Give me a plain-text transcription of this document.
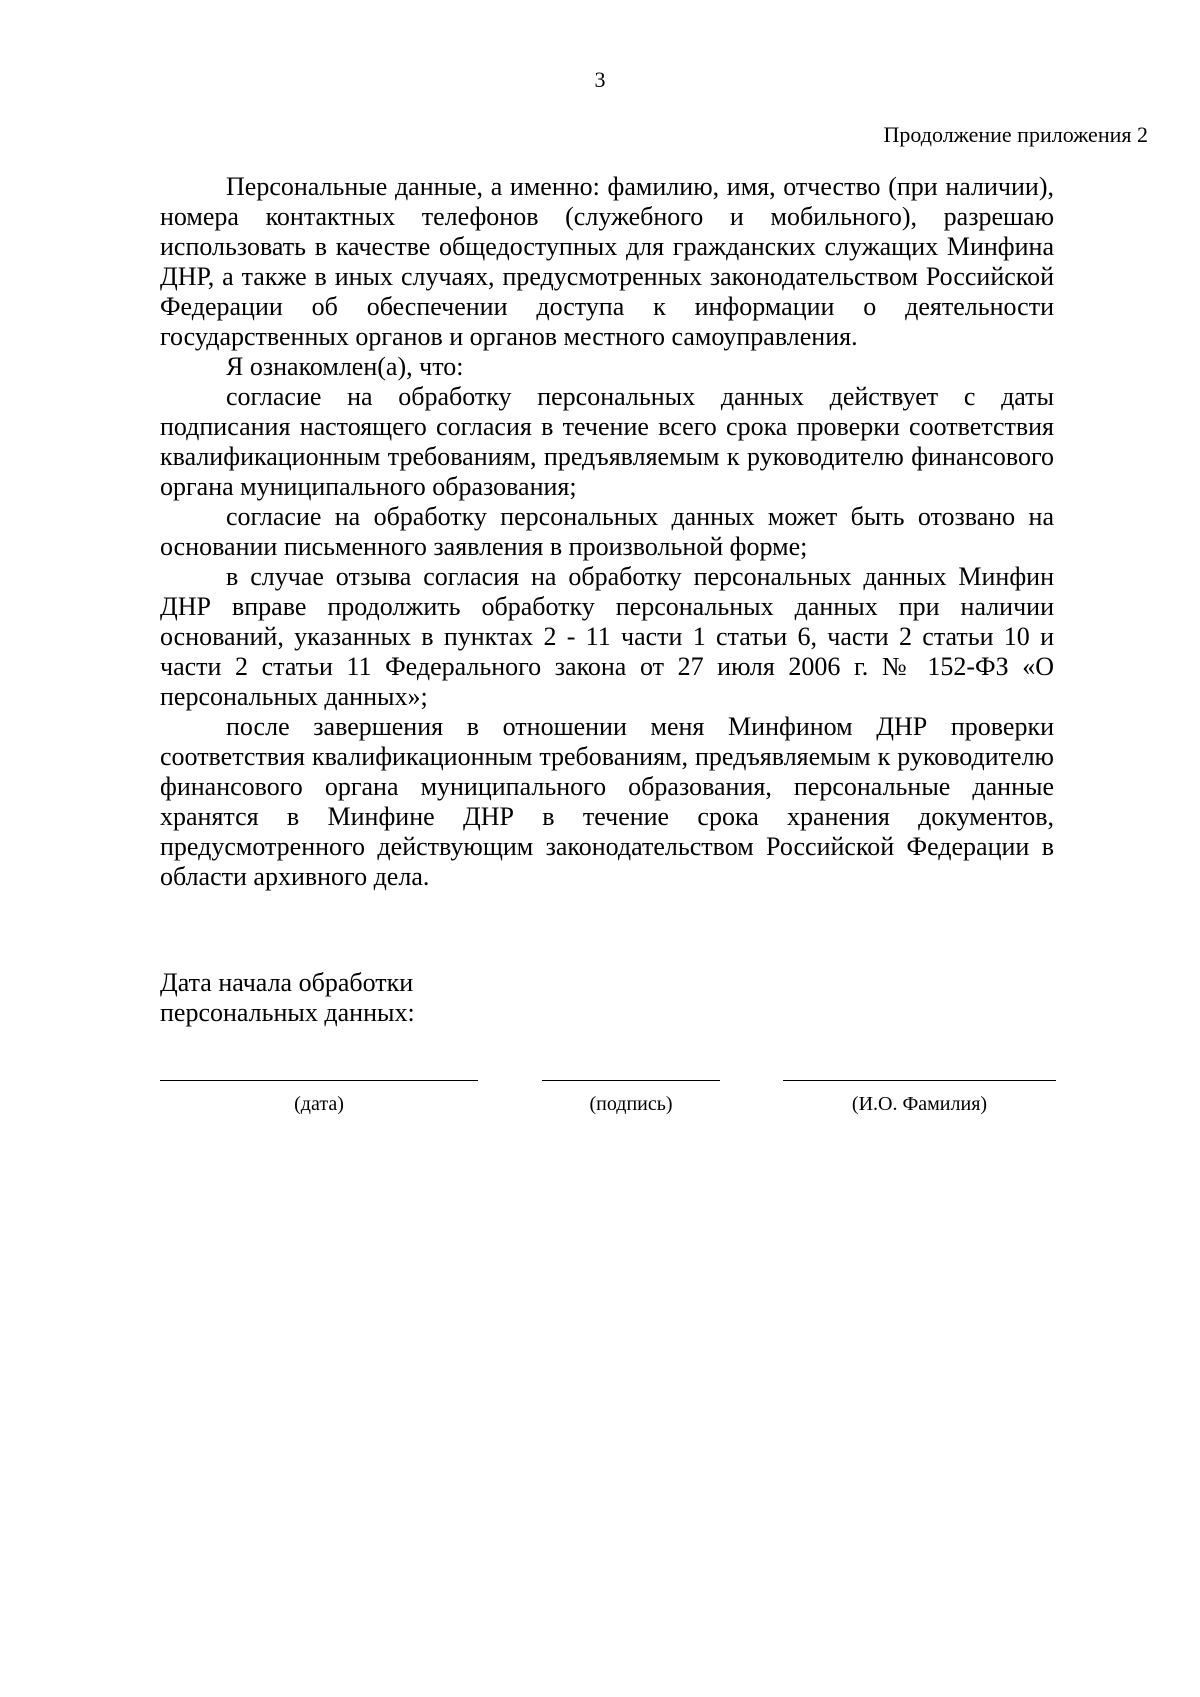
3
Продолжение приложения 2

Персональные данные, а именно: фамилию, имя, отчество (при наличии), номера контактных телефонов (служебного и мобильного), разрешаю использовать в качестве общедоступных для гражданских служащих Минфина ДНР, а также в иных случаях, предусмотренных законодательством Российской Федерации об обеспечении доступа к информации о деятельности государственных органов и органов местного самоуправления.

Я ознакомлен(а), что:

согласие на обработку персональных данных действует с даты подписания настоящего согласия в течение всего срока проверки соответствия квалификационным требованиям, предъявляемым к руководителю финансового органа муниципального образования;

согласие на обработку персональных данных может быть отозвано на основании письменного заявления в произвольной форме;

в случае отзыва согласия на обработку персональных данных Минфин ДНР вправе продолжить обработку персональных данных при наличии оснований, указанных в пунктах 2 - 11 части 1 статьи 6, части 2 статьи 10 и части 2 статьи 11 Федерального закона от 27 июля 2006 г. № 152-ФЗ «О персональных данных»;

после завершения в отношении меня Минфином ДНР проверки соответствия квалификационным требованиям, предъявляемым к руководителю финансового органа муниципального образования, персональные данные хранятся в Минфине ДНР в течение срока хранения документов, предусмотренного действующим законодательством Российской Федерации в области архивного дела.

Дата начала обработки
персональных данных:
(дата)	(подпись)	(И.О. Фамилия)
